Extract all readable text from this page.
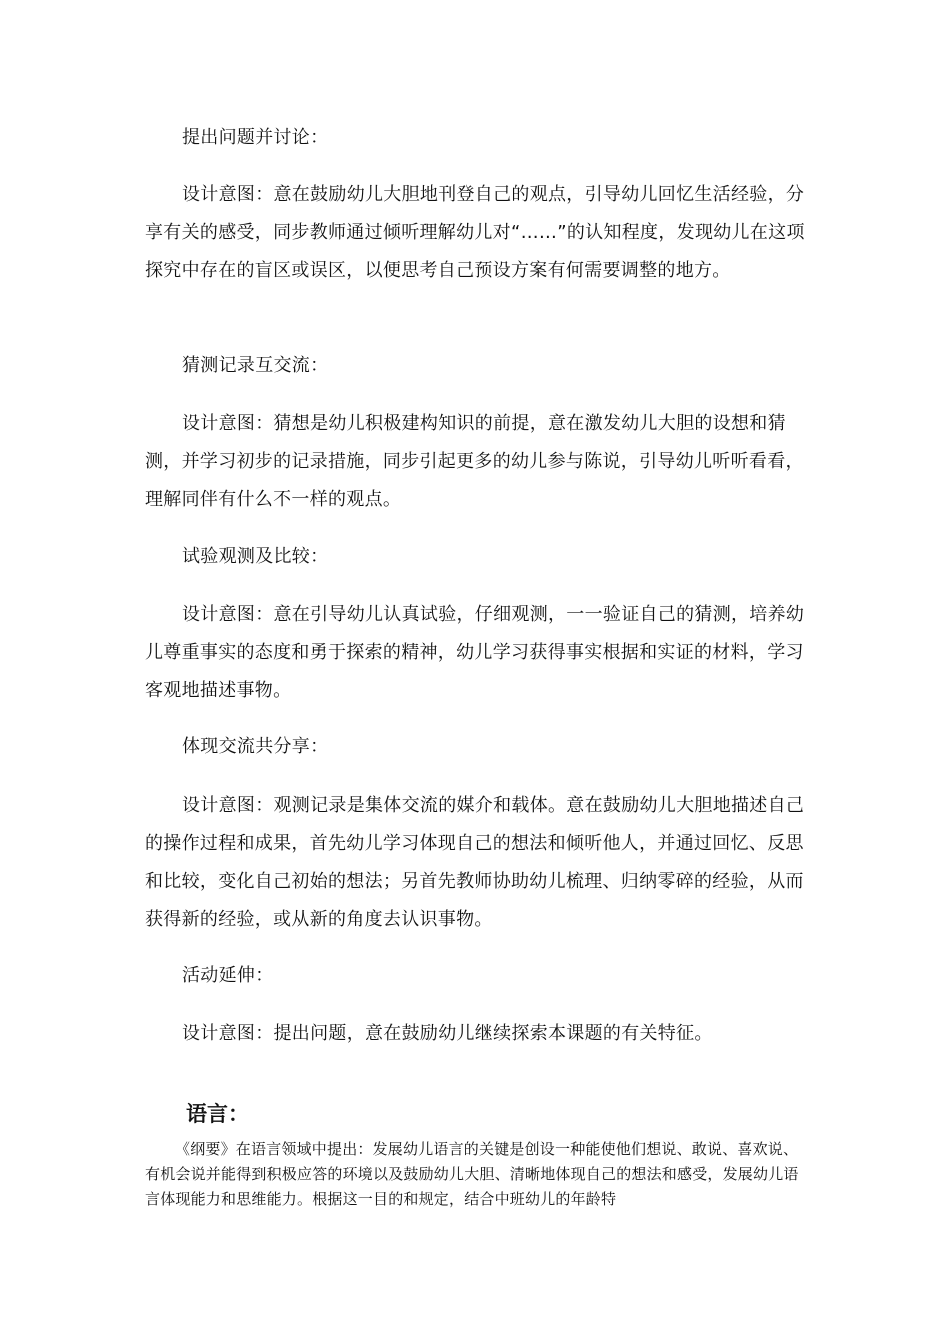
提出问题并讨论：

设计意图：意在鼓励幼儿大胆地刊登自己的观点，引导幼儿回忆生活经验，分享有关的感受，同步教师通过倾听理解幼儿对“……”的认知程度，发现幼儿在这项探究中存在的盲区或误区，以便思考自己预设方案有何需要调整的地方。

猜测记录互交流：

设计意图：猜想是幼儿积极建构知识的前提，意在激发幼儿大胆的设想和猜测，并学习初步的记录措施，同步引起更多的幼儿参与陈说，引导幼儿听听看看，理解同伴有什么不一样的观点。

试验观测及比较：

设计意图：意在引导幼儿认真试验，仔细观测，一一验证自己的猜测，培养幼儿尊重事实的态度和勇于探索的精神，幼儿学习获得事实根据和实证的材料，学习客观地描述事物。

体现交流共分享：

设计意图：观测记录是集体交流的媒介和载体。意在鼓励幼儿大胆地描述自己的操作过程和成果，首先幼儿学习体现自己的想法和倾听他人，并通过回忆、反思和比较，变化自己初始的想法；另首先教师协助幼儿梳理、归纳零碎的经验，从而获得新的经验，或从新的角度去认识事物。

活动延伸：

设计意图：提出问题，意在鼓励幼儿继续探索本课题的有关特征。

语言：

《纲要》在语言领域中提出：发展幼儿语言的关键是创设一种能使他们想说、敢说、喜欢说、有机会说并能得到积极应答的环境以及鼓励幼儿大胆、清晰地体现自己的想法和感受，发展幼儿语言体现能力和思维能力。根据这一目的和规定，结合中班幼儿的年龄特
